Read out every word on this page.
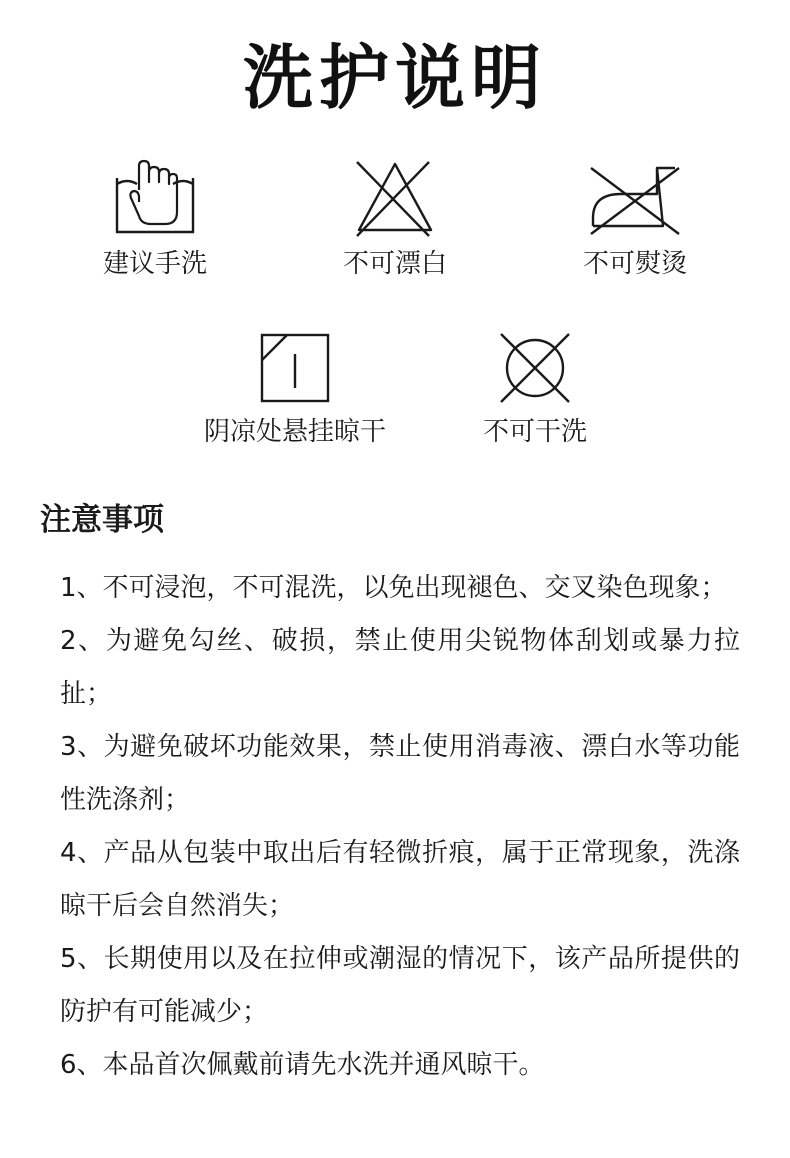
洗护说明
建议手洗	不可漂白	不可熨烫
阴凉处悬挂晾干	不可干洗
注意事项
1、不可浸泡，不可混洗，以免出现褪色、交叉染色现象；
2、为避免勾丝、破损，禁止使用尖锐物体刮划或暴力拉扯；
3、为避免破坏功能效果，禁止使用消毒液、漂白水等功能性洗涤剂；
4、产品从包装中取出后有轻微折痕，属于正常现象，洗涤晾干后会自然消失；
5、长期使用以及在拉伸或潮湿的情况下，该产品所提供的防护有可能减少；
6、本品首次佩戴前请先水洗并通风晾干。
